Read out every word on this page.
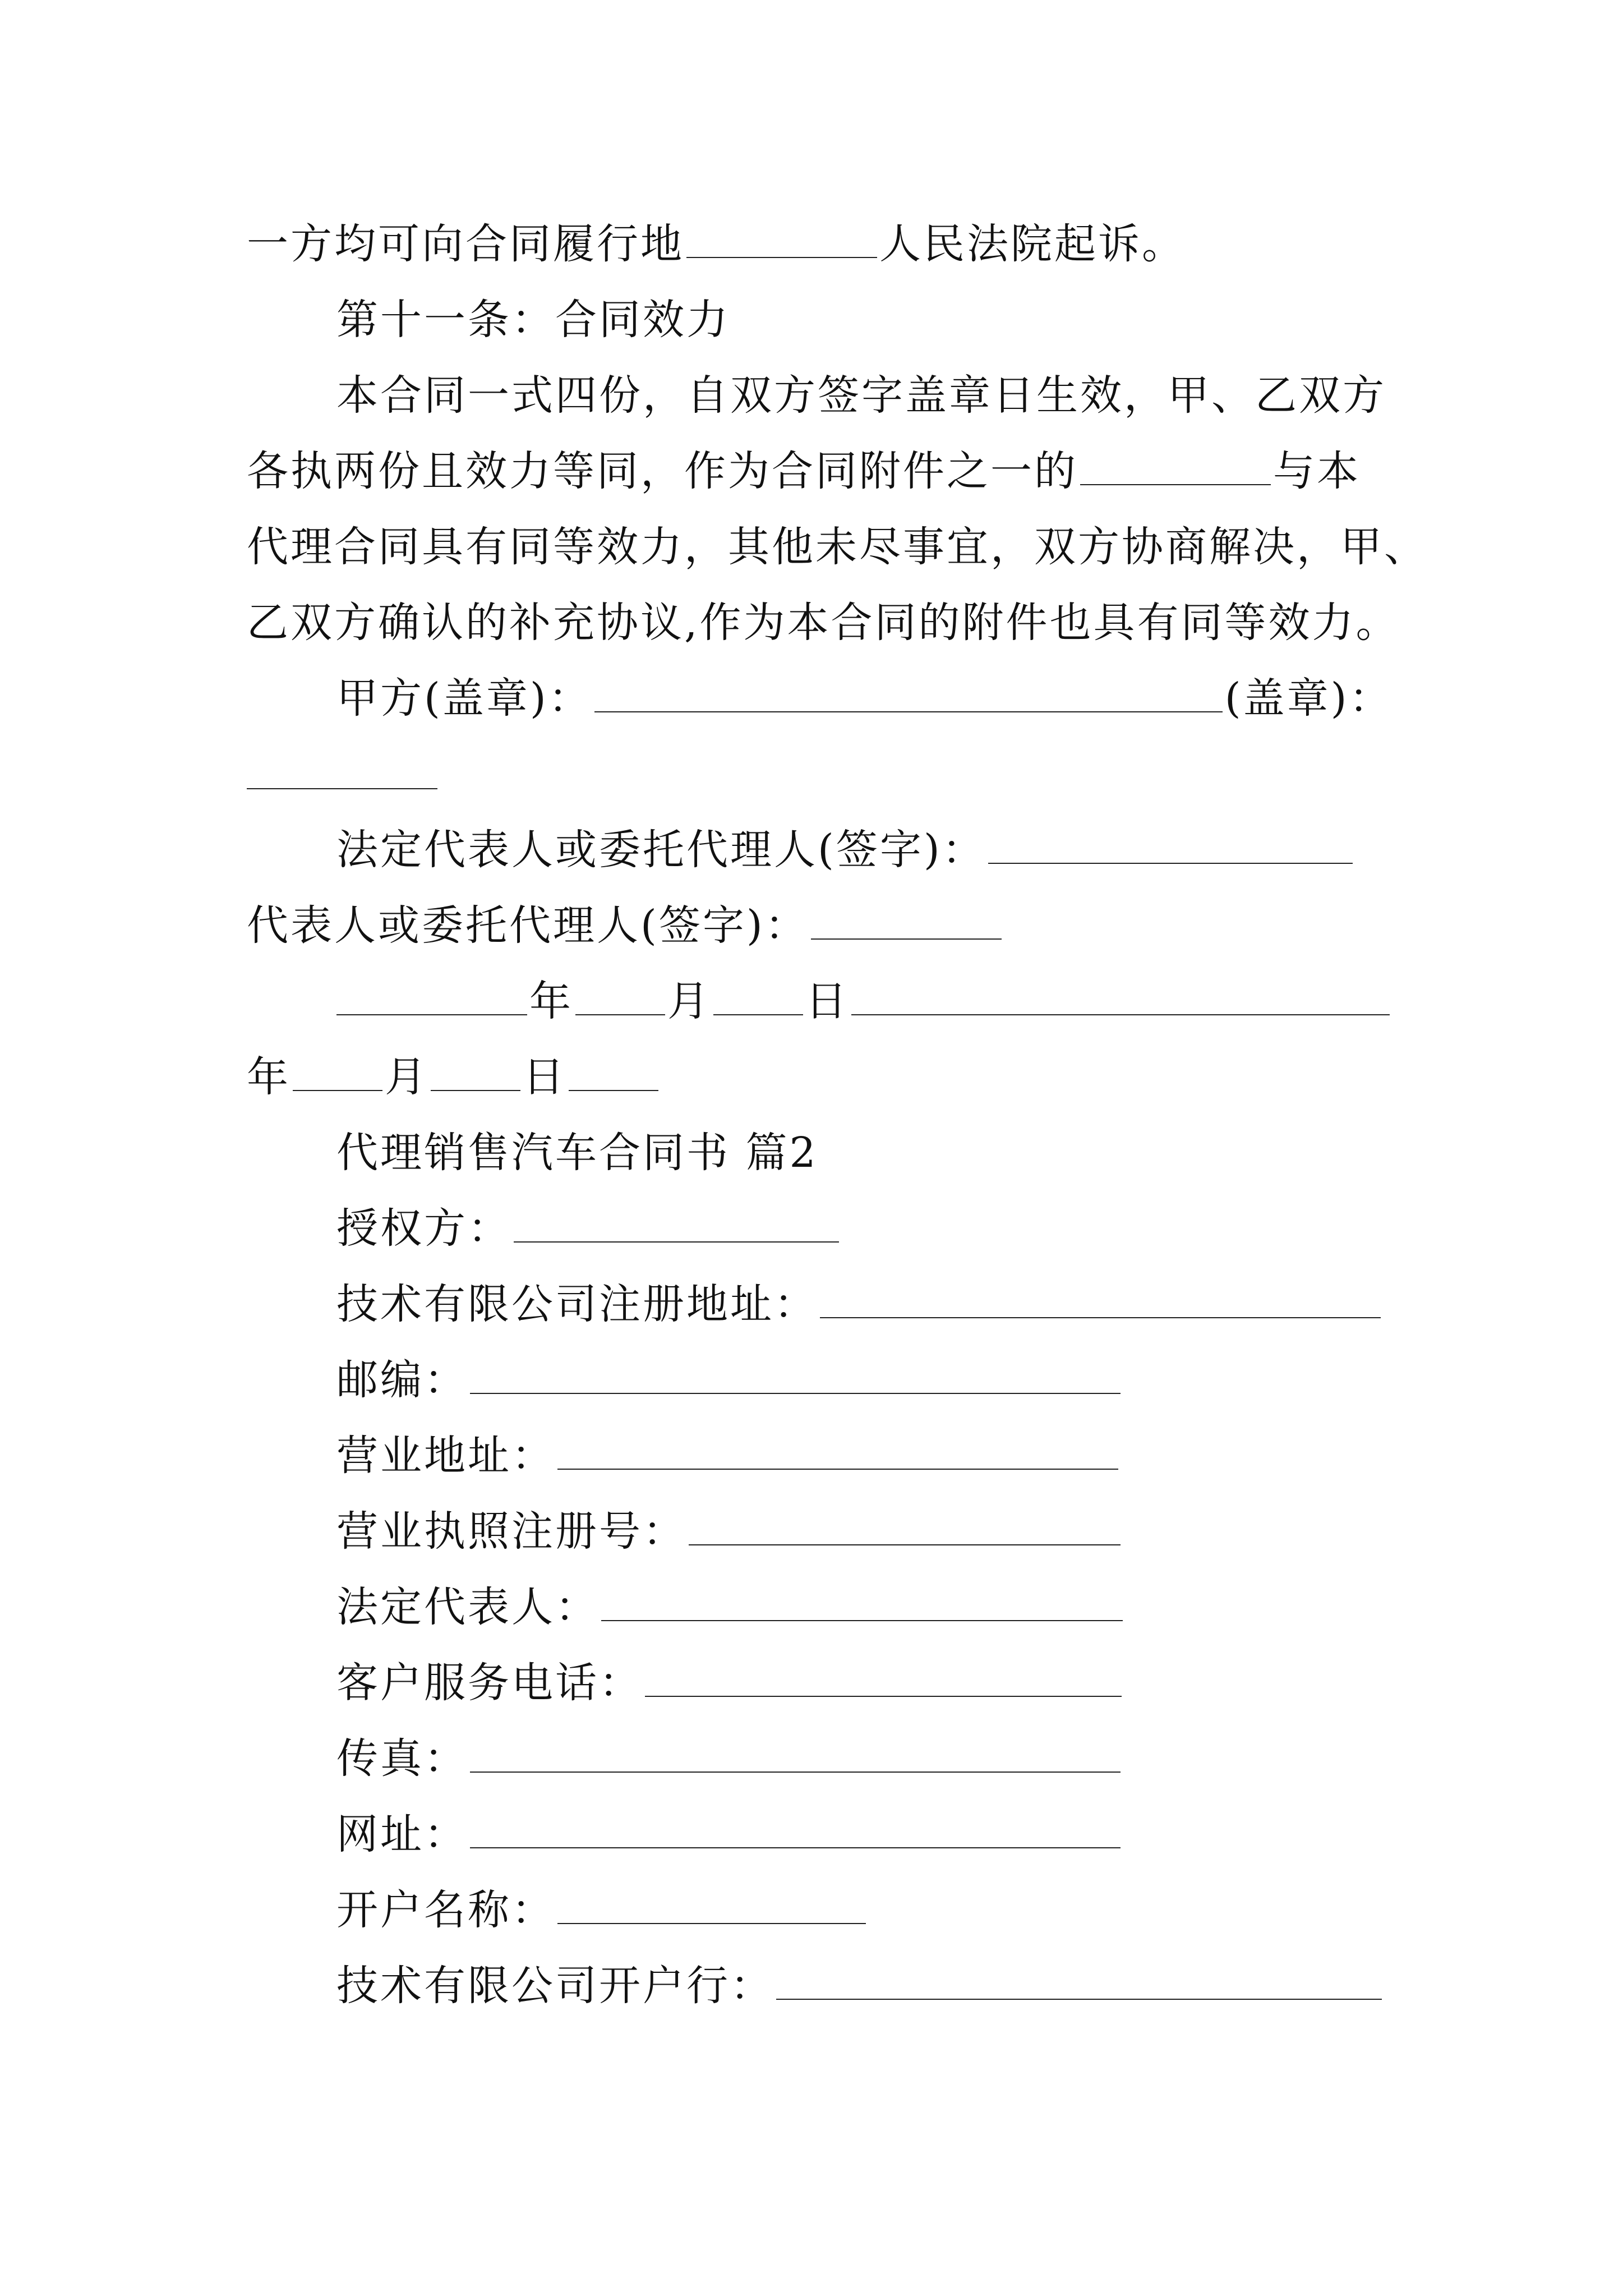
一方均可向合同履行地	人民法院起诉。
第十一条：合同效力
本合同一式四份，自双方签字盖章日生效，甲、乙双方
各执两份且效力等同，作为合同附件之一的	与本
代理合同具有同等效力，其他未尽事宜，双方协商解决，甲、
乙双方确认的补充协议,作为本合同的附件也具有同等效力。
甲方(盖章)：	(盖章)：
法定代表人或委托代理人(签字)：
代表人或委托代理人(签字)：
年 月 日
年 月 日
代理销售汽车合同书 篇2
授权方：
技术有限公司注册地址：
邮编：
营业地址：
营业执照注册号：
法定代表人：
客户服务电话：
传真：
网址：
开户名称：
技术有限公司开户行：
